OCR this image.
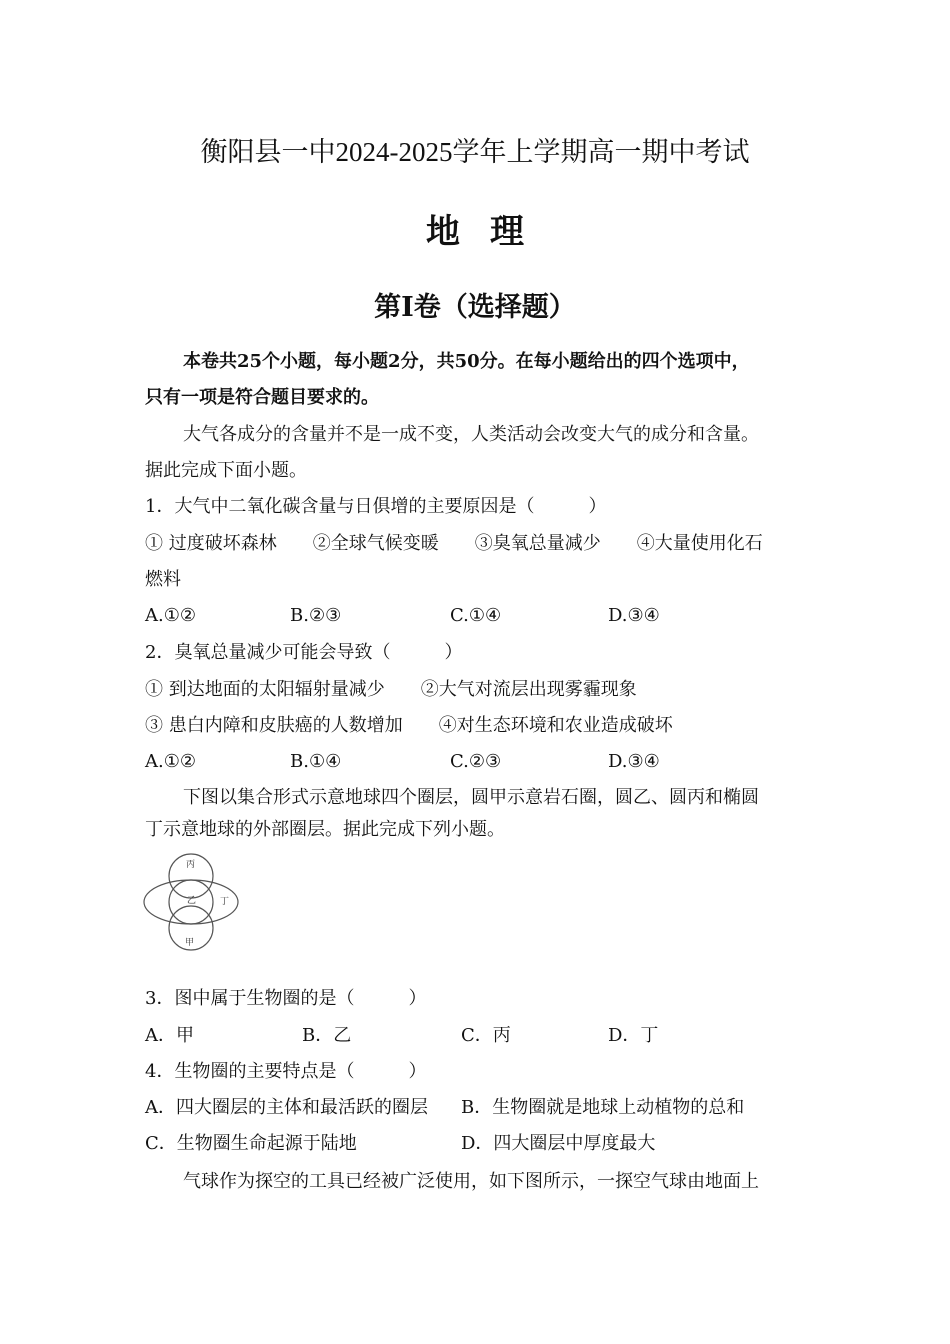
衡阳县一中2024-2025学年上学期高一期中考试
地理
第Ⅰ卷（选择题）
本卷共25个小题，每小题2分，共50分。在每小题给出的四个选项中，
只有一项是符合题目要求的。
大气各成分的含量并不是一成不变，人类活动会改变大气的成分和含量。
据此完成下面小题。
1．大气中二氧化碳含量与日俱增的主要原因是（　　　）
① 过度破坏森林　　②全球气候变暖　　③臭氧总量减少　　④大量使用化石
燃料
A.①②	B.②③	C.①④	D.③④
2．臭氧总量减少可能会导致（　　　）
① 到达地面的太阳辐射量减少　　②大气对流层出现雾霾现象
③ 患白内障和皮肤癌的人数增加　　④对生态环境和农业造成破坏
A.①②	B.①④	C.②③	D.③④
下图以集合形式示意地球四个圈层，圆甲示意岩石圈，圆乙、圆丙和椭圆
丁示意地球的外部圈层。据此完成下列小题。
丙
乙	丁
甲
3．图中属于生物圈的是（　　　）
A．甲	B．乙	C．丙	D．丁
4．生物圈的主要特点是（　　　）
A．四大圈层的主体和最活跃的圈层 B．生物圈就是地球上动植物的总和
C．生物圈生命起源于陆地	D．四大圈层中厚度最大
气球作为探空的工具已经被广泛使用，如下图所示，一探空气球由地面上
